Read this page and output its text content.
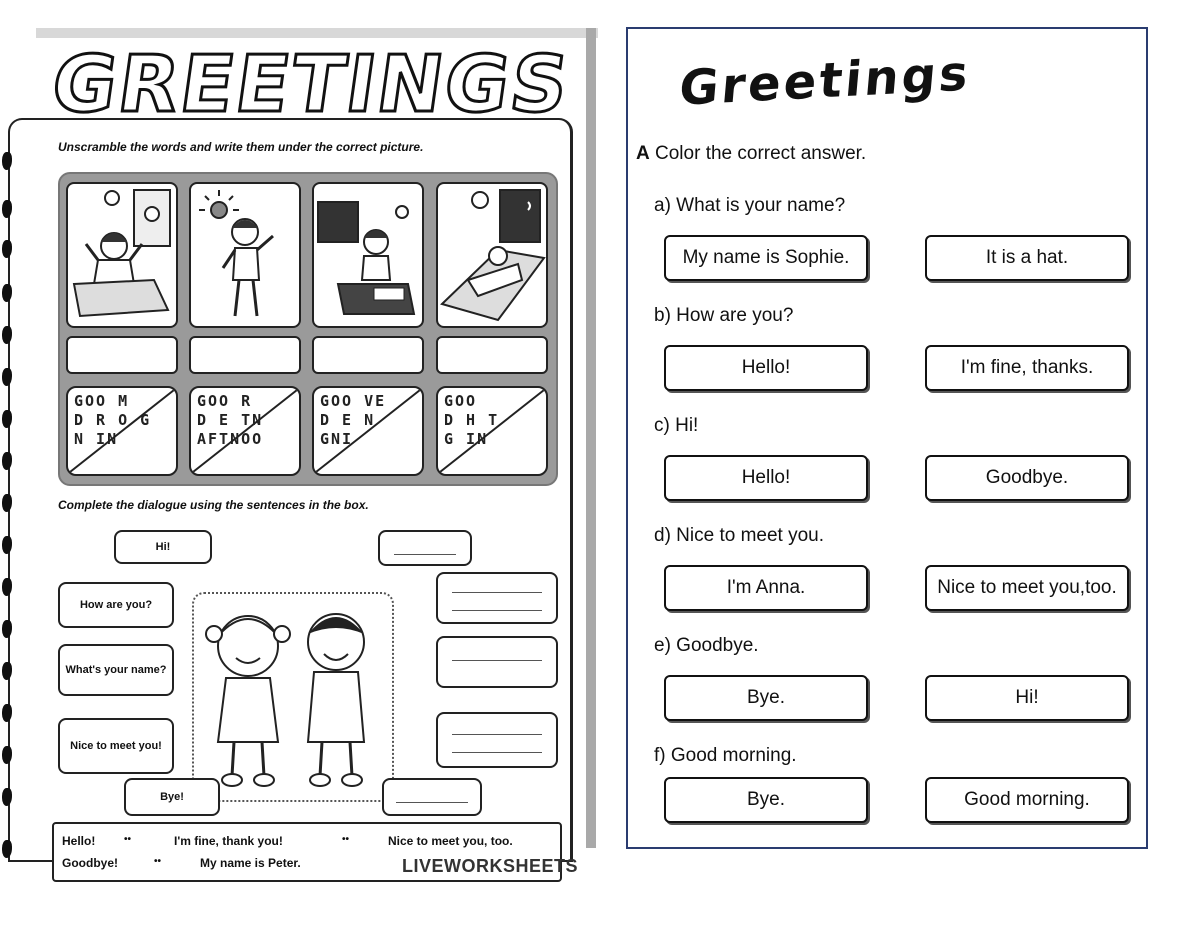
GREETINGS
Unscramble the words and write them under the correct picture.
GOO M
D R O G
N IN
GOO R
D E TN
AFTNOO
GOO VE
D E N
GNI
GOO
D H T
G IN
Complete the dialogue using the sentences in the box.
Hi!
How are you?
What's your name?
Nice to meet you!
Bye!
Hello!	••	I'm fine, thank you!	••	Nice to meet you, too.
Goodbye!	••	My name is Peter.	LIVEWORKSHEETS
Greetings
A Color the correct answer.
a) What is your name?
My name is Sophie.	It is a hat.
b) How are you?
Hello!	I'm fine, thanks.
c) Hi!
Hello!	Goodbye.
d) Nice to meet you.
I'm Anna.	Nice to meet you,too.
e) Goodbye.
Bye.	Hi!
f) Good morning.
Bye.	Good morning.
